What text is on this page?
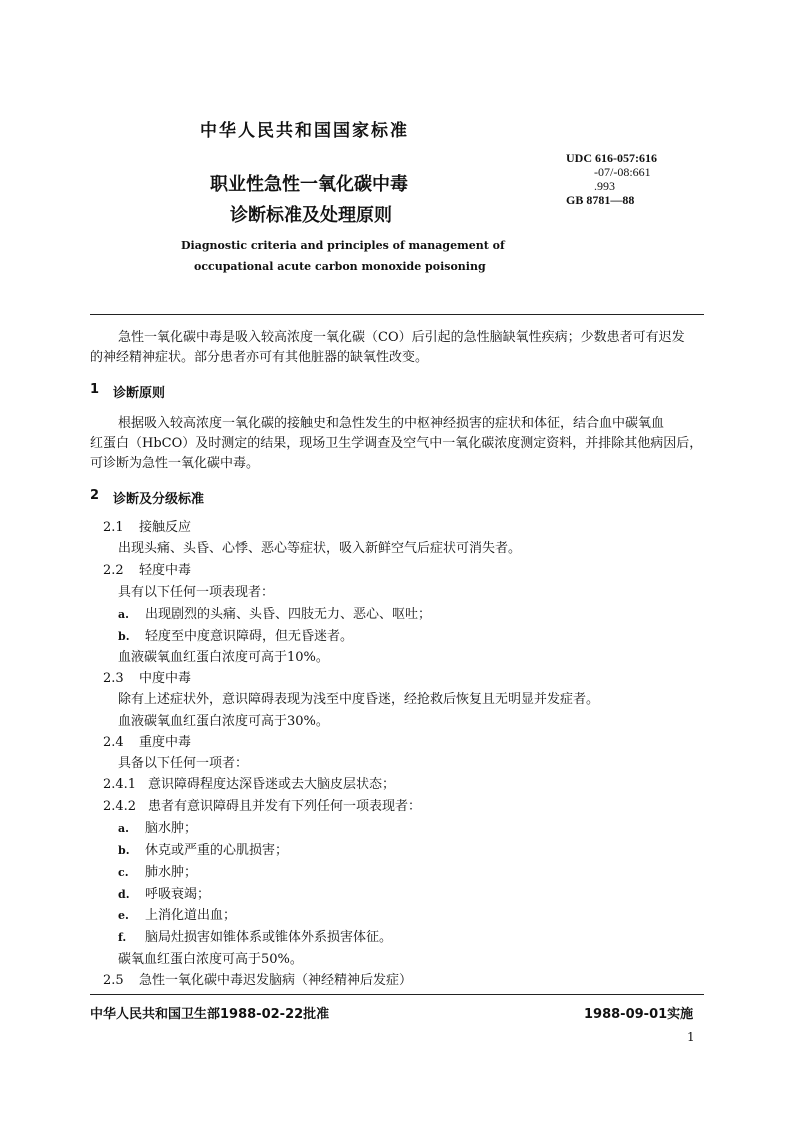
中华人民共和国国家标准
职业性急性一氧化碳中毒
诊断标准及处理原则
Diagnostic criteria and principles of management of
occupational acute carbon monoxide poisoning
UDC 616-057:616
-07/-08:661
.993
GB 8781—88
急性一氧化碳中毒是吸入较高浓度一氧化碳（CO）后引起的急性脑缺氧性疾病；少数患者可有迟发
的神经精神症状。部分患者亦可有其他脏器的缺氧性改变。
1 诊断原则
根据吸入较高浓度一氧化碳的接触史和急性发生的中枢神经损害的症状和体征，结合血中碳氧血
红蛋白（HbCO）及时测定的结果，现场卫生学调查及空气中一氧化碳浓度测定资料，并排除其他病因后，
可诊断为急性一氧化碳中毒。
2 诊断及分级标准
2.1 接触反应
出现头痛、头昏、心悸、恶心等症状，吸入新鲜空气后症状可消失者。
2.2 轻度中毒
具有以下任何一项表现者：
a. 出现剧烈的头痛、头昏、四肢无力、恶心、呕吐；
b. 轻度至中度意识障碍，但无昏迷者。
血液碳氧血红蛋白浓度可高于10%。
2.3 中度中毒
除有上述症状外，意识障碍表现为浅至中度昏迷，经抢救后恢复且无明显并发症者。
血液碳氧血红蛋白浓度可高于30%。
2.4 重度中毒
具备以下任何一项者：
2.4.1 意识障碍程度达深昏迷或去大脑皮层状态；
2.4.2 患者有意识障碍且并发有下列任何一项表现者：
a. 脑水肿；
b. 休克或严重的心肌损害；
c. 肺水肿；
d. 呼吸衰竭；
e. 上消化道出血；
f. 脑局灶损害如锥体系或锥体外系损害体征。
碳氧血红蛋白浓度可高于50%。
2.5 急性一氧化碳中毒迟发脑病（神经精神后发症）
中华人民共和国卫生部1988-02-22批准	1988-09-01实施
1
